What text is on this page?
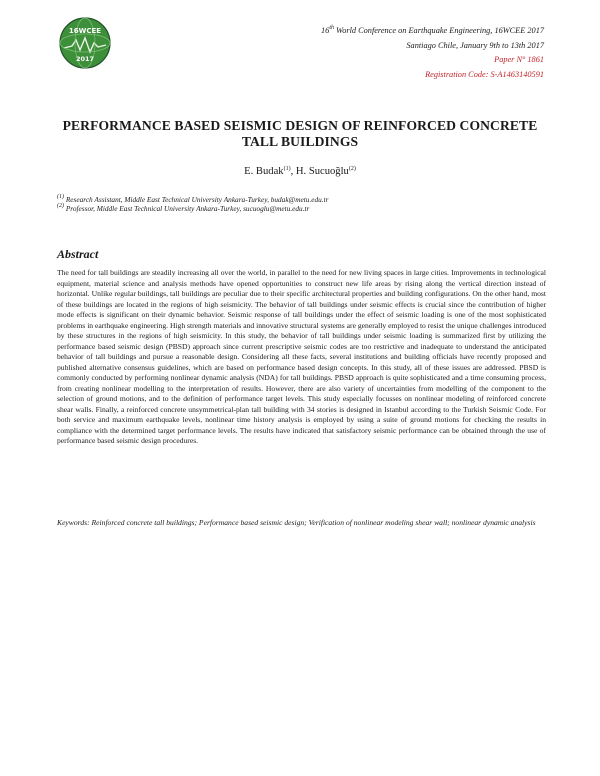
16WCEE
2017
16th World Conference on Earthquake Engineering, 16WCEE 2017
Santiago Chile, January 9th to 13th 2017
Paper N° 1861
Registration Code: S-A1463140591
PERFORMANCE BASED SEISMIC DESIGN OF REINFORCED CONCRETE
TALL BUILDINGS
E. Budak$^{(1)}$, H. Sucuoğlu$^{(2)}$
$^{(1)}$ Research Assistant, Middle East Technical University Ankara-Turkey, budak@metu.edu.tr
$^{(2)}$ Professor, Middle East Technical University Ankara-Turkey, sucuoglu@metu.edu.tr
Abstract
The need for tall buildings are steadily increasing all over the world, in parallel to the need for new living spaces in large cities. Improvements in technological equipment, material science and analysis methods have opened opportunities to construct new life areas by rising along the vertical direction instead of horizontal. Unlike regular buildings, tall buildings are peculiar due to their specific architectural properties and building configurations. On the other hand, most of these buildings are located in the regions of high seismicity. The behavior of tall buildings under seismic effects is crucial since the contribution of higher mode effects is significant on their dynamic behavior. Seismic response of tall buildings under the effect of seismic loading is one of the most sophisticated problems in earthquake engineering. High strength materials and innovative structural systems are generally employed to resist the unique challenges introduced by these structures in the regions of high seismicity. In this study, the behavior of tall buildings under seismic loading is summarized first by utilizing the performance based seismic design (PBSD) approach since current prescriptive seismic codes are too restrictive and inadequate to understand the anticipated behavior of tall buildings and pursue a reasonable design. Considering all these facts, several institutions and building officials have recently proposed and published alternative consensus guidelines, which are based on performance based design concepts. In this study, all of these issues are addressed. PBSD is commonly conducted by performing nonlinear dynamic analysis (NDA) for tall buildings. PBSD approach is quite sophisticated and a time consuming process, from creating nonlinear modelling to the interpretation of results. However, there are also variety of uncertainties from modelling of the component to the selection of ground motions, and to the definition of performance target levels. This study especially focusses on nonlinear modeling of reinforced concrete shear walls. Finally, a reinforced concrete unsymmetrical-plan tall building with 34 stories is designed in Istanbul according to the Turkish Seismic Code. For both service and maximum earthquake levels, nonlinear time history analysis is employed by using a suite of ground motions for checking the results in compliance with the determined target performance levels. The results have indicated that satisfactory seismic performance can be obtained through the use of performance based seismic design procedures.
Keywords: Reinforced concrete tall buildings; Performance based seismic design; Verification of nonlinear modeling shear wall; nonlinear dynamic analysis
